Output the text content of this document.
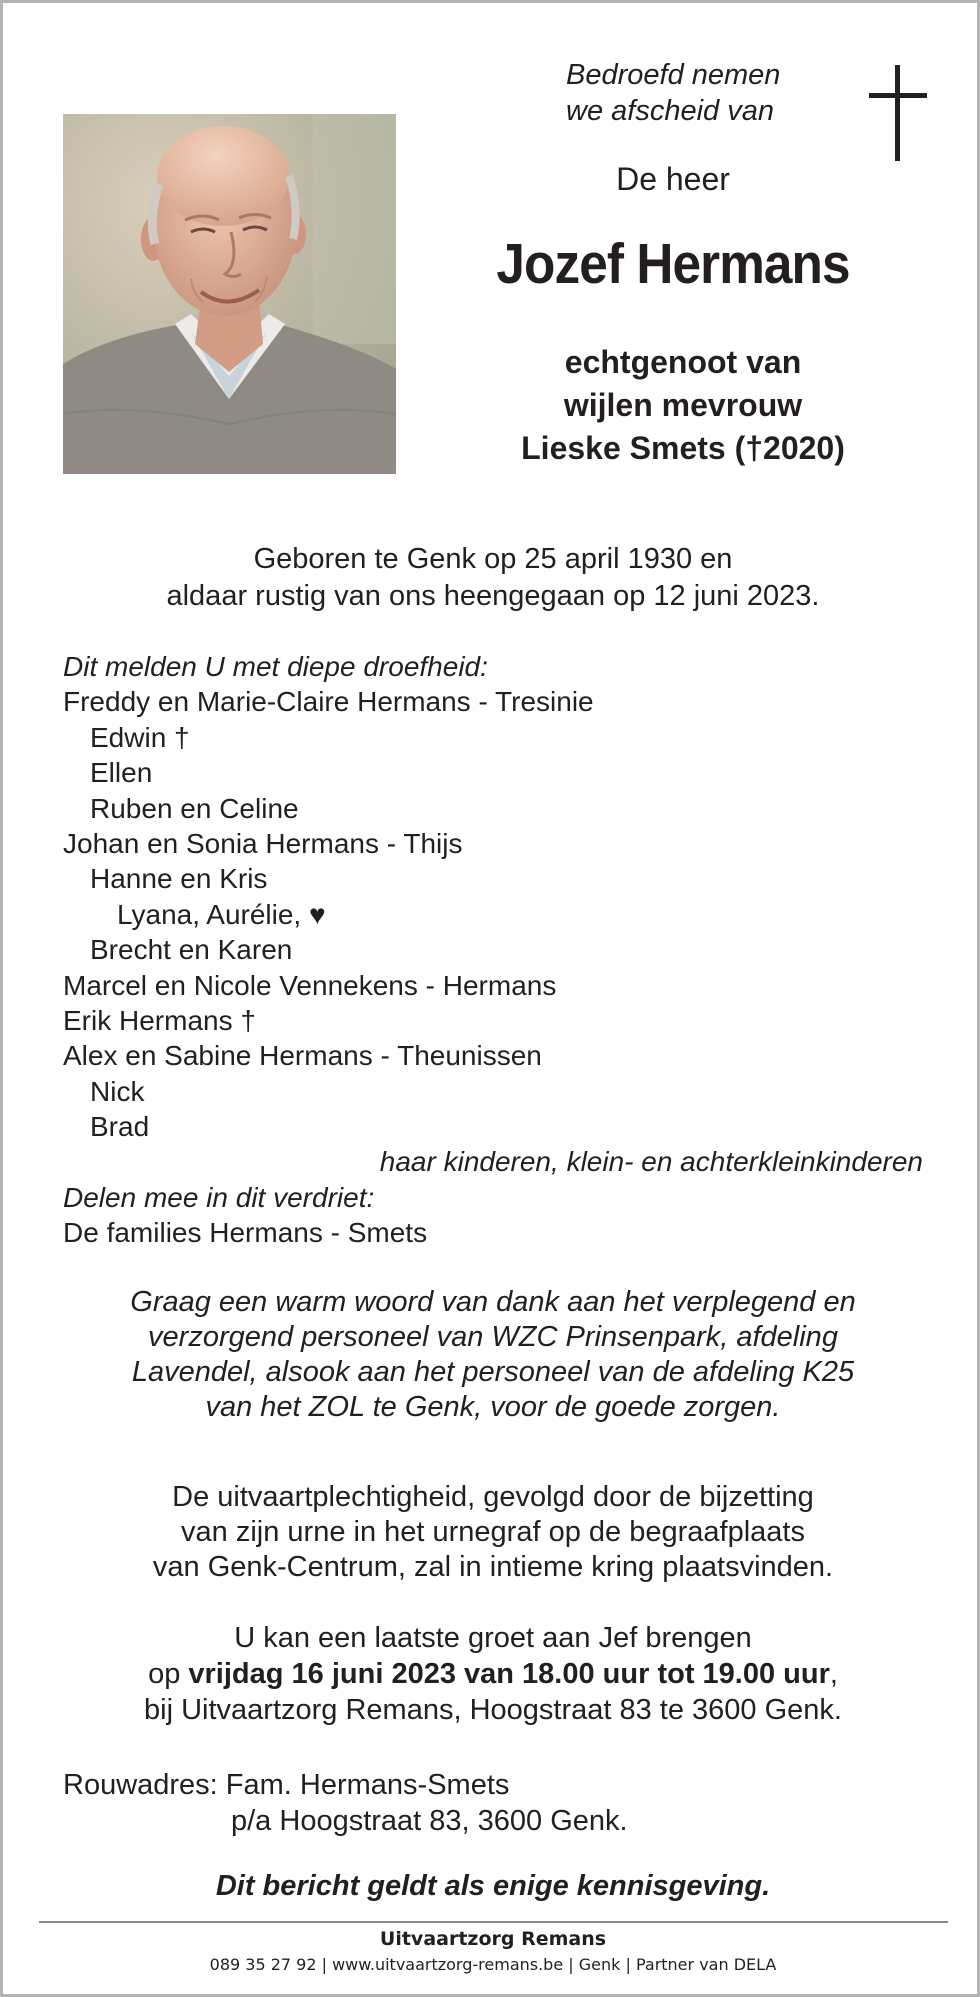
Bedroefd nemen
we afscheid van
De heer
Jozef Hermans
echtgenoot van
wijlen mevrouw
Lieske Smets (†2020)
Geboren te Genk op 25 april 1930 en
aldaar rustig van ons heengegaan op 12 juni 2023.
Dit melden U met diepe droefheid:
Freddy en Marie-Claire Hermans - Tresinie
Edwin †
Ellen
Ruben en Celine
Johan en Sonia Hermans - Thijs
Hanne en Kris
Lyana, Aurélie, ♥
Brecht en Karen
Marcel en Nicole Vennekens - Hermans
Erik Hermans †
Alex en Sabine Hermans - Theunissen
Nick
Brad
haar kinderen, klein- en achterkleinkinderen
Delen mee in dit verdriet:
De families Hermans - Smets
Graag een warm woord van dank aan het verplegend en
verzorgend personeel van WZC Prinsenpark, afdeling
Lavendel, alsook aan het personeel van de afdeling K25
van het ZOL te Genk, voor de goede zorgen.
De uitvaartplechtigheid, gevolgd door de bijzetting
van zijn urne in het urnegraf op de begraafplaats
van Genk-Centrum, zal in intieme kring plaatsvinden.
U kan een laatste groet aan Jef brengen
op vrijdag 16 juni 2023 van 18.00 uur tot 19.00 uur,
bij Uitvaartzorg Remans, Hoogstraat 83 te 3600 Genk.
Rouwadres: Fam. Hermans-Smets
p/a Hoogstraat 83, 3600 Genk.
Dit bericht geldt als enige kennisgeving.
Uitvaartzorg Remans
089 35 27 92 | www.uitvaartzorg-remans.be | Genk | Partner van DELA
